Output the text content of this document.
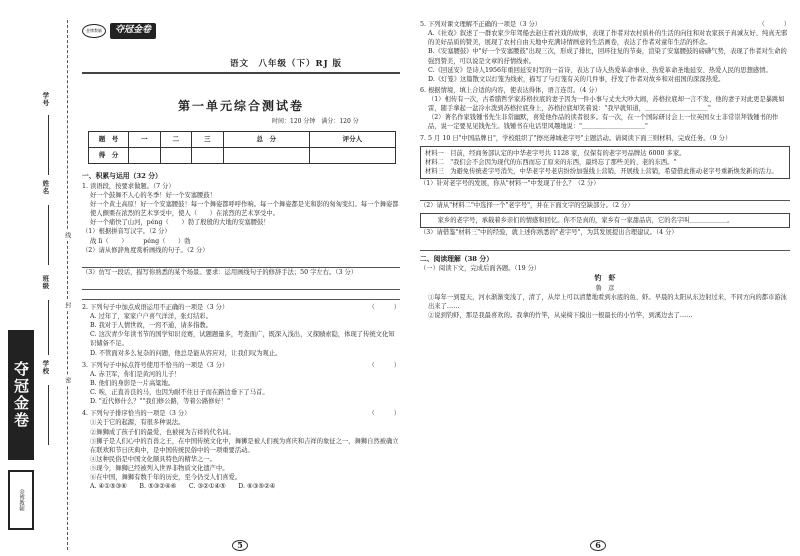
学号
姓名
班级
学校
线
封
密
夺冠金卷
金博教辅
金博教辅	夺冠金卷
语文　八年级（下）RJ 版
第一单元综合测试卷
时间：120 分钟　满分：120 分
题　号	一	二	三	总　分	评分人
得　分					

一、积累与运用（32 分）

1. 读语段，按要求做题。（7 分）

好一个鼓舞不人心的冬季！好一个安塞腰鼓！

好一个黄土高原！好一个安塞腰鼓！每一个舞姿都呼呼作响。每一个舞姿都是光和影的匆匆变幻。每一个舞姿都使人颤栗在浓烈的艺术享受中，使人（　　）在浓烈的艺术享受中。

好一个痛快了山河，péng（　　）勃了殷殷的大地的安塞腰鼓！

（1）根据拼音写汉字。（2 分）

战 lì（　　）　　　péng（　　）勃

（2）请从修辞角度赏析画线的句子。（2 分）

（3）仿写一段话，描写你熟悉的某个场景。要求：运用画线句子的修辞手法；50 字左右。（3 分）

2. 下列句子中加点成语运用不正确的一项是（3 分）	（　　　）

A. 过年了，家家户户喜气洋洋，张灯结彩。

B. 我对于人情世故，一窍不通，请多指教。

C. 这次青少年读书节的国学知识竞赛，试题题量多，考查面广，既深入浅出，又探赜索隐，体现了传统文化知识储备不足。

D. 不管面对多么复杂的问题，他总是能从容应对，让我们叹为观止。

3. 下列句子中标点符号使用不恰当的一项是（3 分）	（　　　）

A. 赤卫军，你们是黄河的儿子！

B. 他们的身影是一片高粱地。

C. 唉，正直善良的马，也因为耐不住日子而在路边垂下了马首。

D. "近代修什么？""我们修公路，等着公路修好！"

4. 下列句子排序恰当的一项是（3 分）	（　　　）

①关于它的起源，有很多种说法。

②舞狮成了孩子们的最爱，也被视为吉祥的代名词。

③狮子是人们心中的百兽之王，在中国传统文化中，舞狮是被人们视为喜庆和吉祥的象征之一，舞狮自然被确立在联欢和节日庆典中，是中国传统民俗中的一项重要活动。

④这种民俗是中国文化颇具特色的精华之一。

⑤现今，舞狮已经被列入世界非物质文化遗产中。

⑥在中国，舞狮有数千年的历史，至今仍受人们喜爱。

A. ④①⑤③⑥　　B. ⑤③②④⑥　　C. ③②①④⑤　　D. ⑥③⑤②④

5

5. 下列对课文理解不正确的一项是（3 分）	（　　　）

A.《社戏》叙述了一群农家少年驾船去赵庄看社戏的故事，表现了作者对农村质朴的生活的向往和对农家孩子真诚友好、纯真无邪的美好品质的赞美，展现了农村自由天地中充满诗情画意的生活画卷，表达了作者对童年生活的怀念。

B.《安塞腰鼓》中"好一个安塞腰鼓"出现三次，形成了排比，回环往复的节奏，渲染了安塞腰鼓的磅礴气势，表现了作者对生命的强烈赞美，可以说是文章的抒情线索。

C.《回延安》是诗人1956年重回延安时写的一首诗，表达了诗人热爱革命事业、热爱革命圣地延安、热爱人民的思想感情。

D.《灯笼》这篇散文以灯笼为线索，描写了与灯笼有关的几件事，抒发了作者对故乡和对祖国的深深热爱。

6. 根据情境，填上合适的内容，使表达得体，语言连贯。（4 分）

（1）相传有一次，古希腊哲学家苏格拉底的妻子因为一件小事与丈夫大吵大闹，苏格拉底却一言不发，他的妻子对此更是暴跳如雷，随手拿起一盆冷水泼到苏格拉底身上，苏格拉底却笑着说："我早就知道，＿＿＿＿＿＿＿＿＿＿"

（2）著名作家钱锺书先生非常幽默，喜爱他作品的读者很多。有一次，在一个国际研讨会上一位英国女士非常崇拜钱锺书的作品，说一定要见见钱先生。钱锺书在电话里风趣地说："＿＿＿＿＿＿＿＿＿＿"

7. 5 月 10 日"中国品牌日"，学校组织了"擦亮薄城老字号"主题活动。请阅读下面三则材料，完成任务。（9 分）

材料一　目前，经商务部认定的中华老字号共 1128 家，仅保有的老字号品牌达 6000 多家。

材料二　"我们会不会因为现代的东西而忘了原来的东西，最终忘了那些美的、老的东西。"

材料三　为避免传统老字号消失，中华老字号老店纷纷加强线上营销，开展线上营销，希望借此推动老字号重新焕发新的活力。

（1）针对老字号的发展，你从"材料一"中发现了什么？（2 分）

（2）请从"材料二"中选择一个"老字号"，并在下面文字的空缺部分。（2 分）

　　家乡的老字号，承载着乡亲们的情感和回忆。你不是真的，家乡有一家甜品店，它的名字叫＿＿＿＿＿＿。

（3）请借鉴"材料三"中的经验，就上述你熟悉的"老字号"，为其发展提出合理建议。（4 分）

二、阅读理解（38 分）

（一）阅读下文，完成后面各题。（19 分）

钓　虾

鲁　彦

①每年一到夏天，河水渐渐变浅了，清了，从岸上可以清楚地看到水底的鱼、虾。早晨的太阳从东边射过来，不同方向的都市游泳出来了……

②说到钓虾，那是我最喜欢的。我拿的竹竿，从桌椅下摸出一根最长的小竹竿，到溪边去了……

6
